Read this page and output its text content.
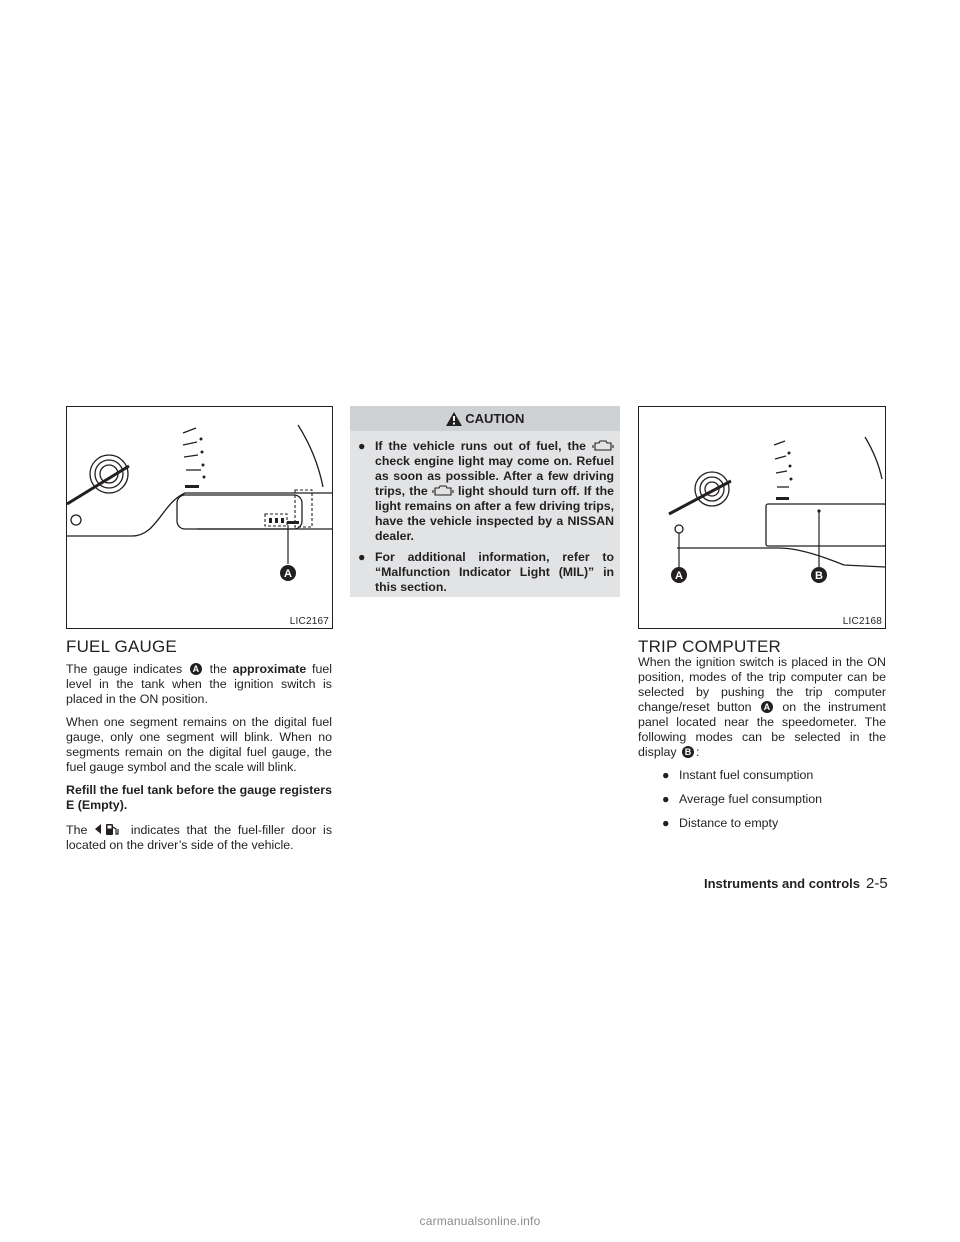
A
LIC2167
A	B
LIC2168
FUEL GAUGE

The gauge indicates A the approximate fuel level in the tank when the ignition switch is placed in the ON position.

When one segment remains on the digital fuel gauge, only one segment will blink. When no segments remain on the digital fuel gauge, the fuel gauge symbol and the scale will blink.

Refill the fuel tank before the gauge registers E (Empty).

The	indicates that the fuel-filler door is located on the driver’s side of the vehicle.

CAUTION
● If the vehicle runs out of fuel, the  check engine light may come on. Refuel as soon as possible. After a few driving trips, the light should turn off. If the light remains on after a few driving trips, have the vehicle inspected by a NISSAN dealer.
● For additional information, refer to “Malfunction Indicator Light (MIL)” in this section.
TRIP COMPUTER

When the ignition switch is placed in the ON position, modes of the trip computer can be selected by pushing the trip computer change/reset button A on the instrument panel located near the speedometer. The following modes can be selected in the display B :

● Instant fuel consumption
● Average fuel consumption
● Distance to empty
Instruments and controls 2-5
carmanualsonline.info
